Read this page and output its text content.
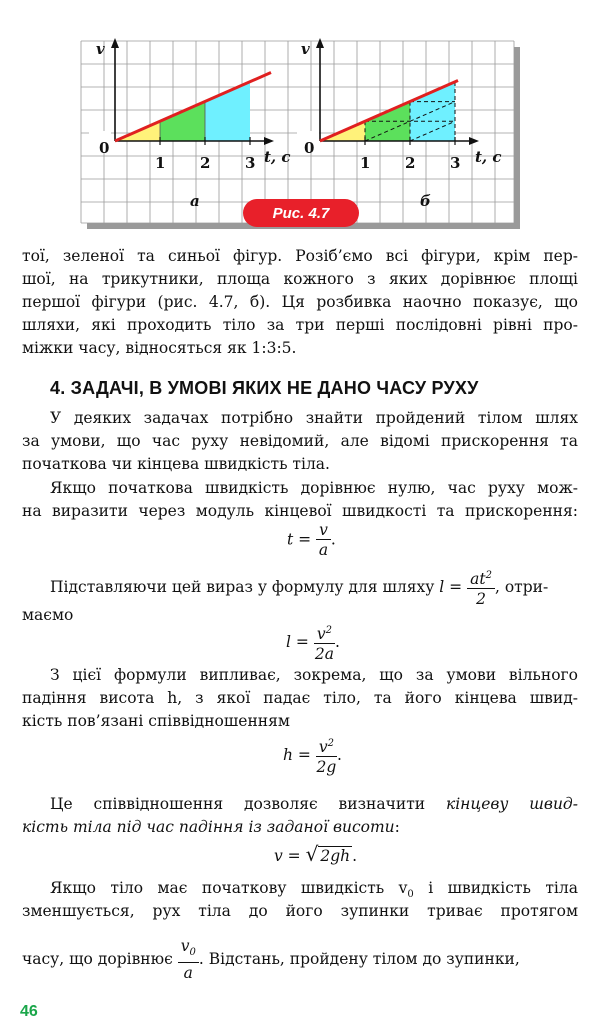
v	v
0
1 2 3 t, c 0
1 2 3 t, c
а	б
Рис. 4.7
тої, зеленої та синьої фігур. Розіб’ємо всі фігури, крім пер-
шої, на трикутники, площа кожного з яких дорівнює площі
першої фігури (рис. 4.7, б). Ця розбивка наочно показує, що
шляхи, які проходить тіло за три перші послідовні рівні про-
міжки часу, відносяться як 1:3:5.
4. ЗАДАЧІ, В УМОВІ ЯКИХ НЕ ДАНО ЧАСУ РУХУ
У деяких задачах потрібно знайти пройдений тілом шлях
за умови, що час руху невідомий, але відомі прискорення та
початкова чи кінцева швидкість тіла.
Якщо початкова швидкість дорівнює нулю, час руху мож-
на виразити через модуль кінцевої швидкості та прискорення:
$t = \frac{v}{a}$ .
Підставляючи цей вираз у формулу для шляху $l = \frac{at^2}{2}$ , отри-
маємо
$l = \frac{v^2}{2a}$ .
З цієї формули випливає, зокрема, що за умови вільного
падіння висота h, з якої падає тіло, та його кінцева швид-
кість пов’язані співвідношенням
$h = \frac{v^2}{2g}$ .
Це співвідношення дозволяє визначити кінцеву швид-
кість тіла під час падіння із заданої висоти:
v = √ 2gh .
Якщо тіло має початкову швидкість $v_0$ і швидкість тіла
зменшується, рух тіла до його зупинки триває протягом
часу, що дорівнює $\frac{v_0}{a}$ . Відстань, пройдену тілом до зупинки,
46
